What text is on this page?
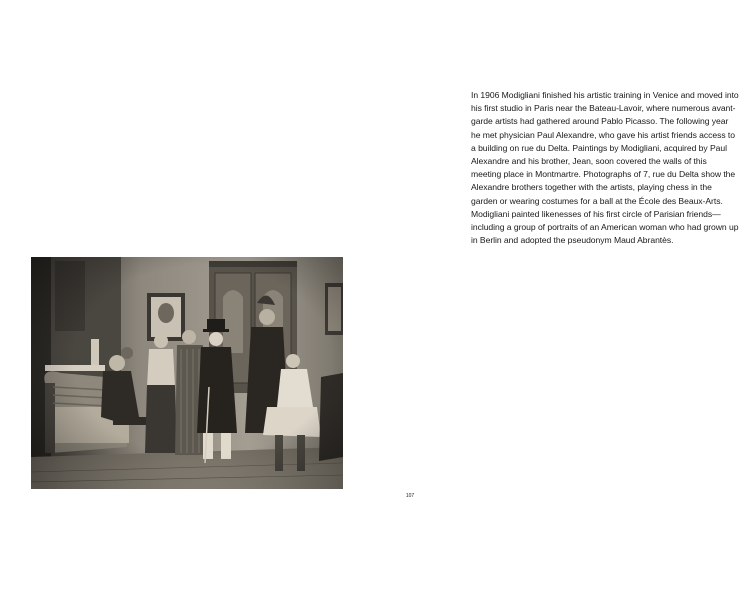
In 1906 Modigliani finished his artistic training in Venice and moved into his first studio in Paris near the Bateau-Lavoir, where numerous avant-garde artists had gathered around Pablo Picasso. The following year he met physician Paul Alexandre, who gave his artist friends access to a building on rue du Delta. Paintings by Modigliani, acquired by Paul Alexandre and his brother, Jean, soon covered the walls of this meeting place in Montmartre. Photographs of 7, rue du Delta show the Alexandre brothers together with the artists, playing chess in the garden or wearing costumes for a ball at the École des Beaux-Arts. Modigliani painted likenesses of his first circle of Parisian friends—including a group of portraits of an American woman who had grown up in Berlin and adopted the pseudonym Maud Abrantès.

107
